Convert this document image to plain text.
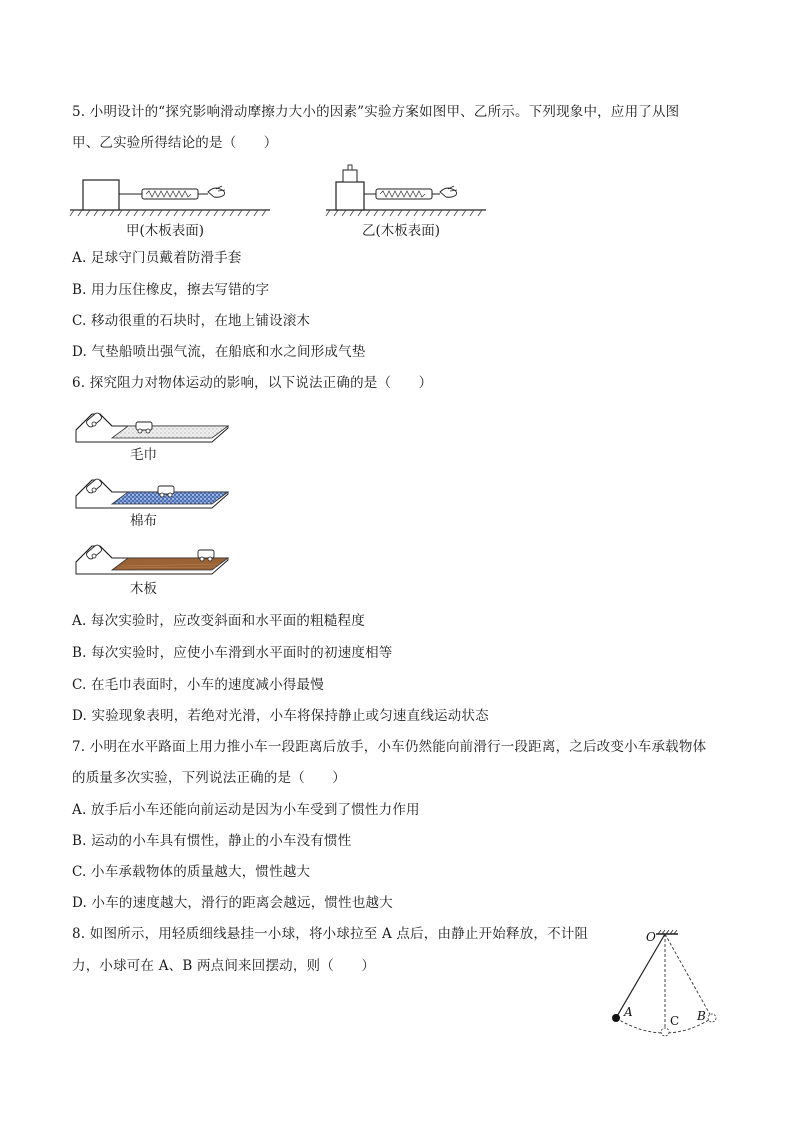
5. 小明设计的“探究影响滑动摩擦力大小的因素”实验方案如图甲、乙所示。下列现象中，应用了从图
甲、乙实验所得结论的是（　　）
甲(木板表面)	乙(木板表面)
A. 足球守门员戴着防滑手套
B. 用力压住橡皮，擦去写错的字
C. 移动很重的石块时，在地上铺设滚木
D. 气垫船喷出强气流，在船底和水之间形成气垫
6. 探究阻力对物体运动的影响，以下说法正确的是（　　）
毛巾
棉布
木板
A. 每次实验时，应改变斜面和水平面的粗糙程度
B. 每次实验时，应使小车滑到水平面时的初速度相等
C. 在毛巾表面时，小车的速度减小得最慢
D. 实验现象表明，若绝对光滑，小车将保持静止或匀速直线运动状态
7. 小明在水平路面上用力推小车一段距离后放手，小车仍然能向前滑行一段距离，之后改变小车承载物体
的质量多次实验，下列说法正确的是（　　）
A. 放手后小车还能向前运动是因为小车受到了惯性力作用
B. 运动的小车具有惯性，静止的小车没有惯性
C. 小车承载物体的质量越大，惯性越大
D. 小车的速度越大，滑行的距离会越远，惯性也越大
8. 如图所示，用轻质细线悬挂一小球，将小球拉至 A 点后，由静止开始释放，不计阻
力，小球可在 A、B 两点间来回摆动，则（　　）
O
A
C B
